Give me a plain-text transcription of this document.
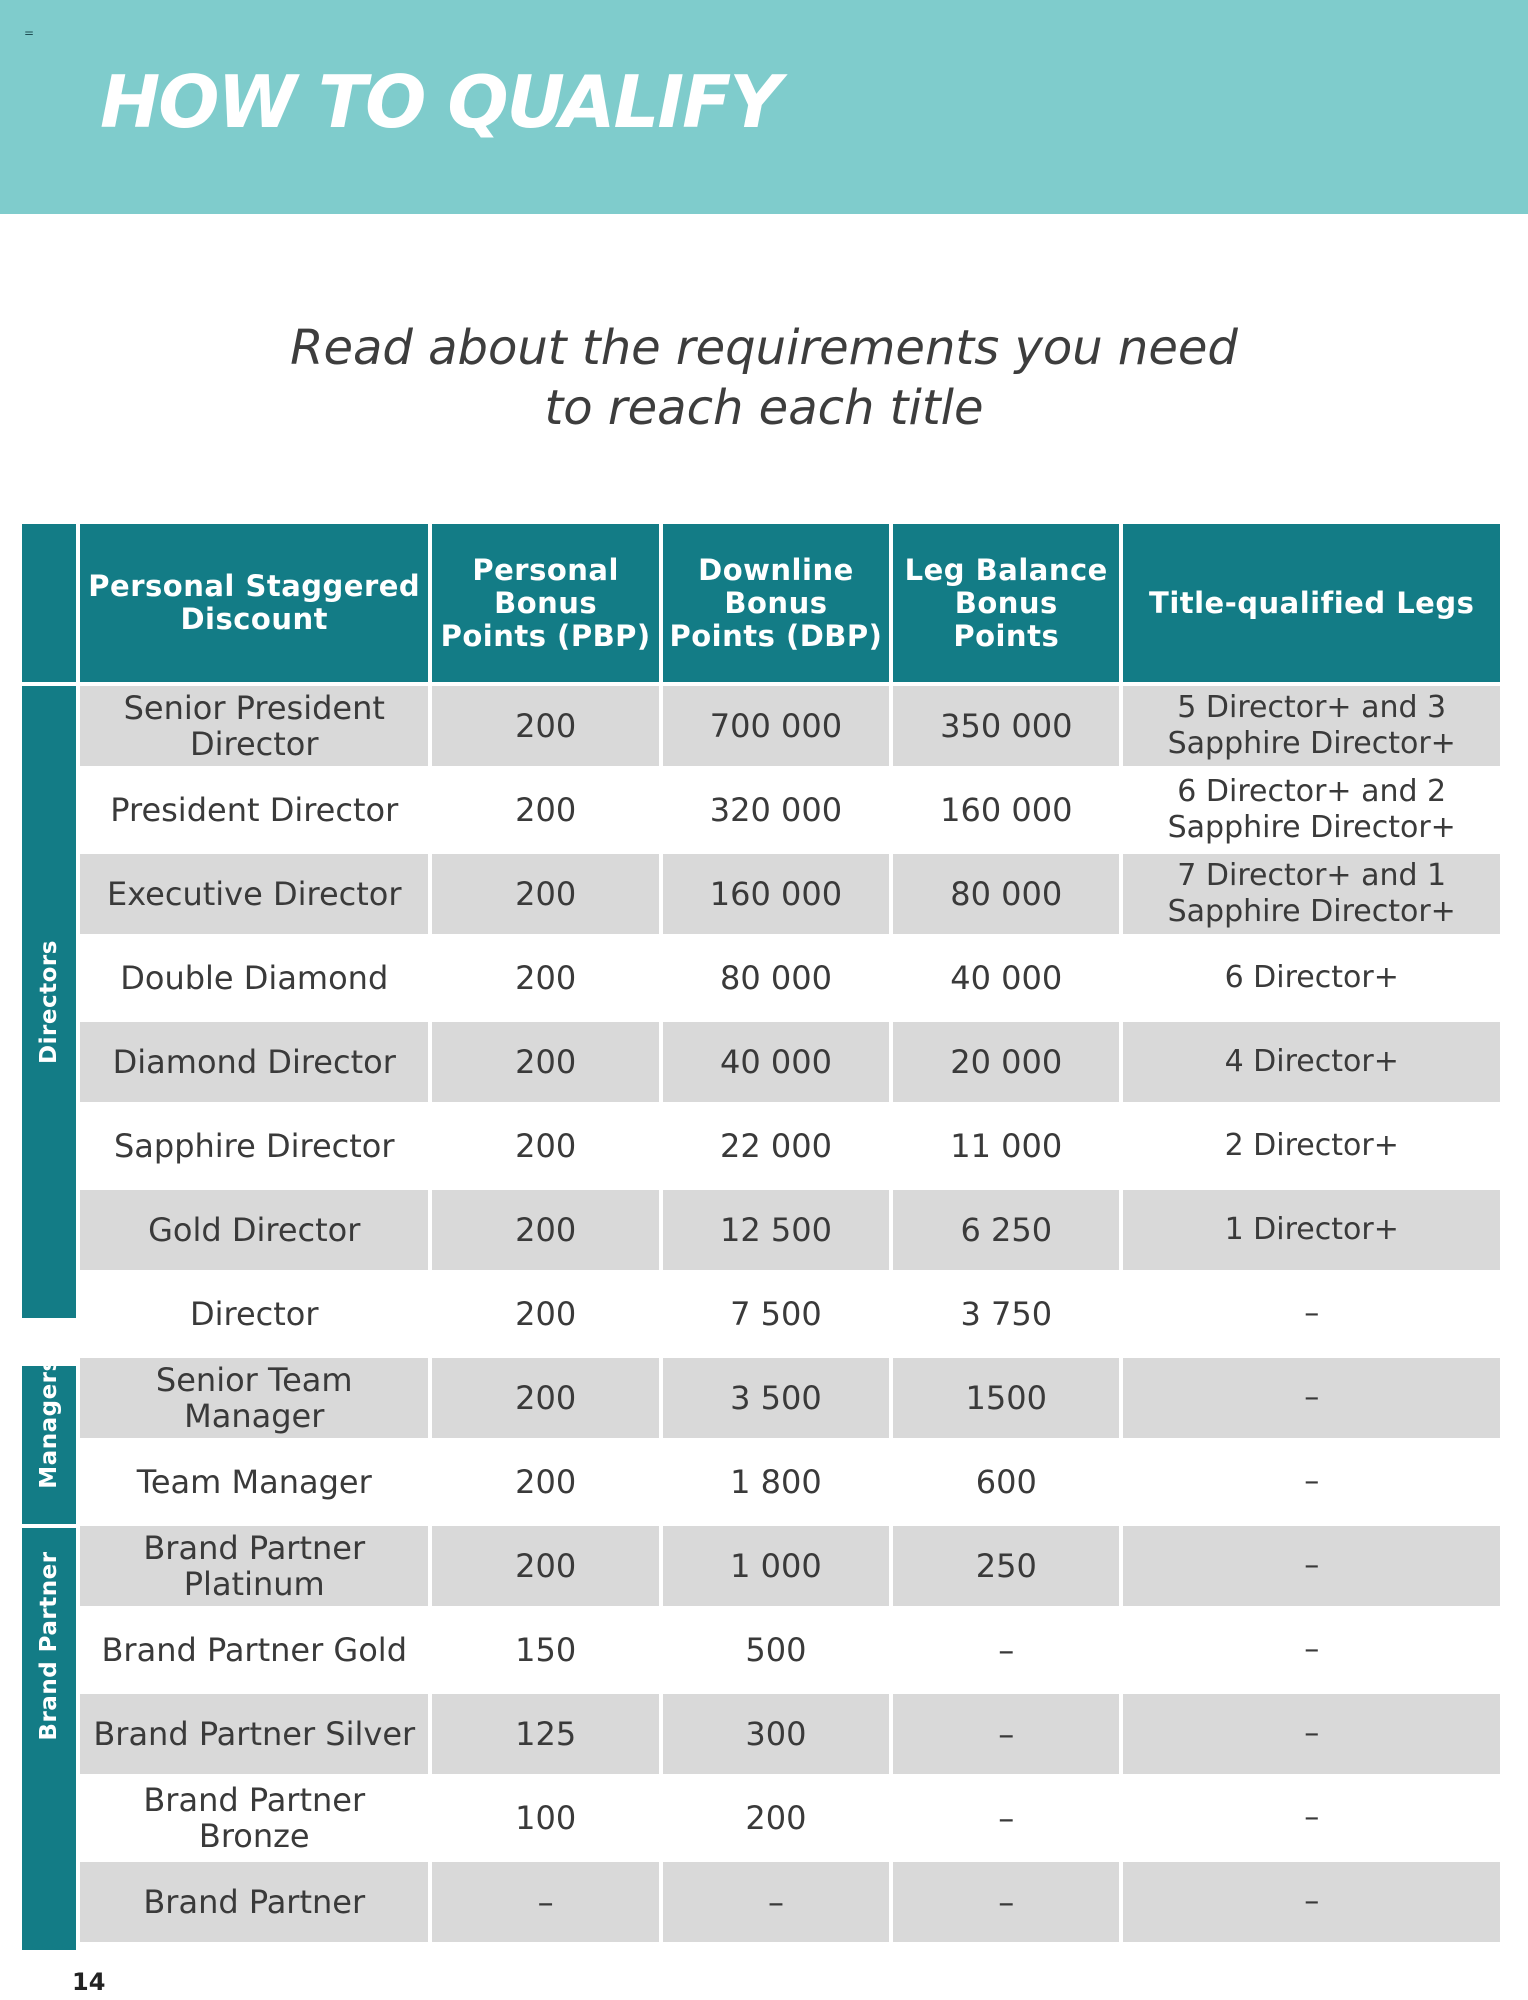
=
HOW TO QUALIFY
Read about the requirements you need
to reach each title
Directors
Managers
Brand Partner
Personal Staggered Discount	Personal Bonus Points (PBP)	Downline Bonus Points (DBP)	Leg Balance Bonus Points	Title-qualified Legs
Senior President Director	200	700 000	350 000	5 Director+ and 3 Sapphire Director+
President Director	200	320 000	160 000	6 Director+ and 2 Sapphire Director+
Executive Director	200	160 000	80 000	7 Director+ and 1 Sapphire Director+
Double Diamond	200	80 000	40 000	6 Director+
Diamond Director	200	40 000	20 000	4 Director+
Sapphire Director	200	22 000	11 000	2 Director+
Gold Director	200	12 500	6 250	1 Director+
Director	200	7 500	3 750	–
Senior Team Manager	200	3 500	1500	–
Team Manager	200	1 800	600	–
Brand Partner Platinum	200	1 000	250	–
Brand Partner Gold	150	500	–	–
Brand Partner Silver	125	300	–	–
Brand Partner Bronze	100	200	–	–
Brand Partner	–	–	–	–
14
